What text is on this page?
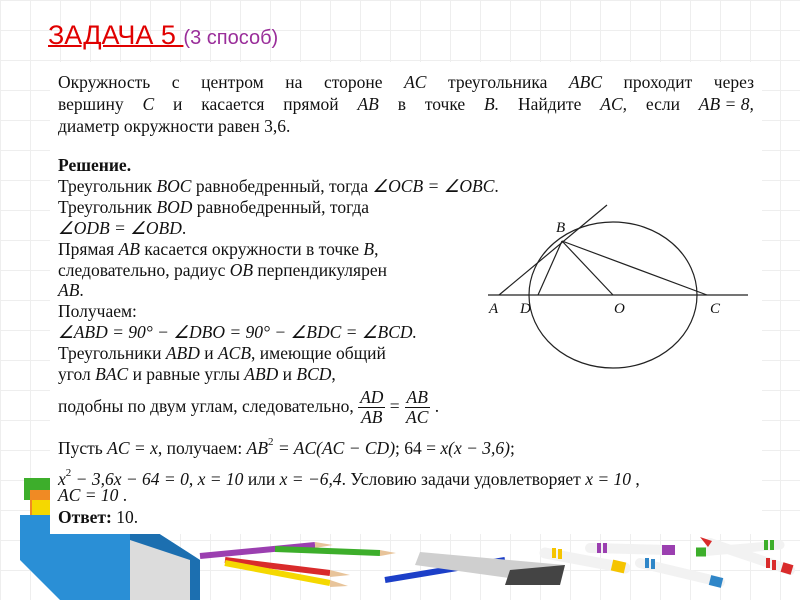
ЗАДАЧА 5 (3 способ)
Окружность с центром на стороне AC треугольника ABC проходит через
вершину C и касается прямой AB в точке B. Найдите AC, если AB = 8,
диаметр окружности равен 3,6.
Решение.
Треугольник BOC равнобедренный, тогда ∠OCB = ∠OBC.
Треугольник BOD равнобедренный, тогда
∠ODB = ∠OBD.
Прямая AB касается окружности в точке B,
следовательно, радиус OB перпендикулярен
AB.
Получаем:
∠ABD = 90° − ∠DBO = 90° − ∠BDC = ∠BCD.
Треугольники ABD и ACB, имеющие общий
угол BAC и равные углы ABD и BCD,
подобны по двум углам, следовательно, $\frac{AD}{AB} = \frac{AB}{AC}$ .
Пусть AC = x, получаем: $AB^2 = AC(AC - CD)$; 64 = x(x − 3,6);
$x^2 - 3,6x - 64 = 0$, x = 10 или x = −6,4. Условию задачи удовлетворяет x = 10 ,
AC = 10 .
Ответ: 10.
A D	O	C
B
